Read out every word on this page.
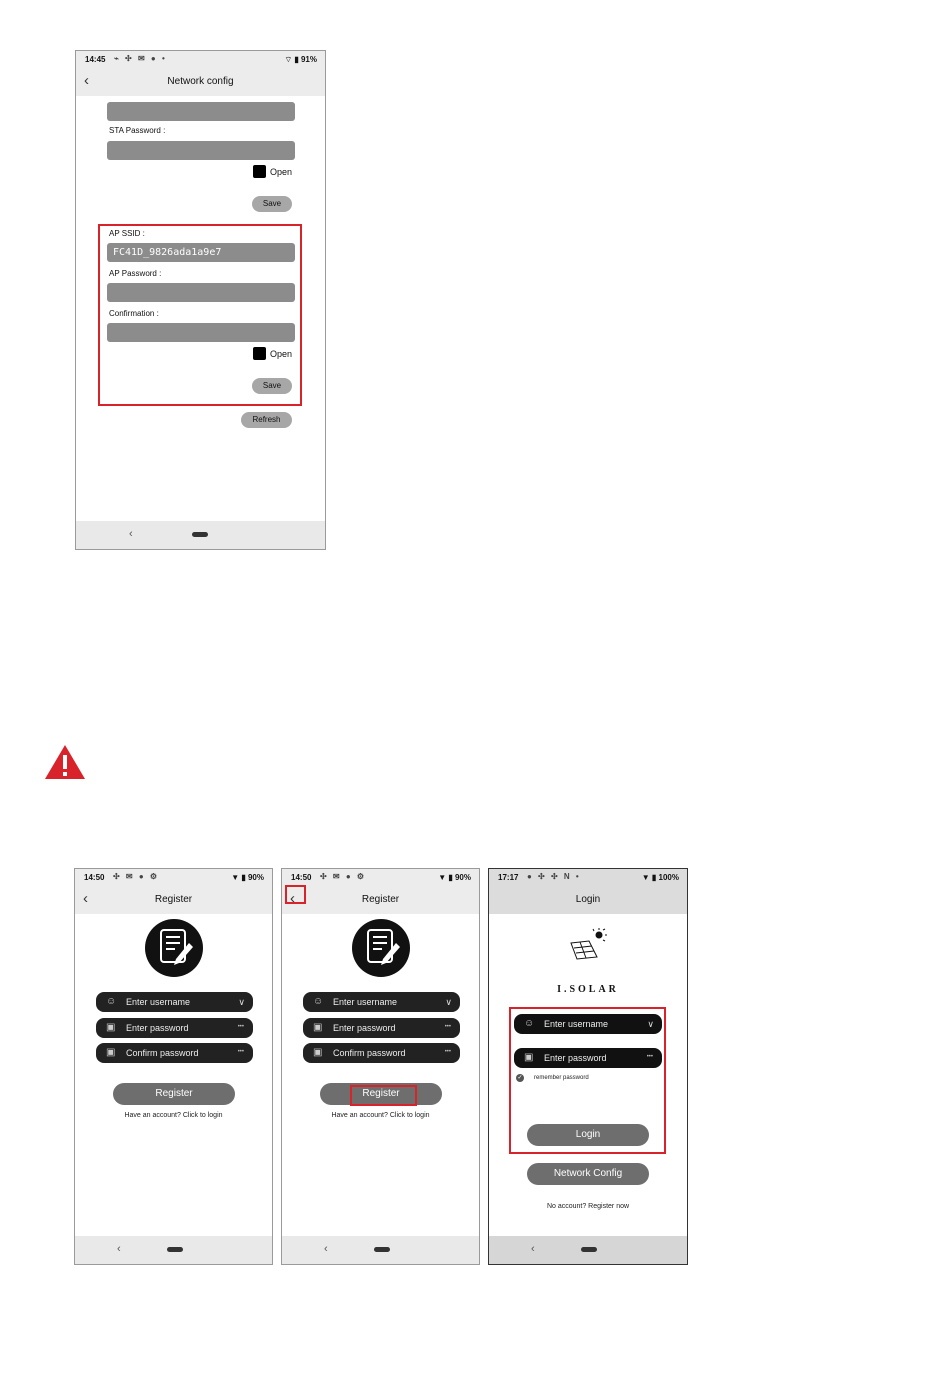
14:45 ⌁ ✣ ✉ ● •	⌔ ▮ 91%
‹	Network config
STA Password :
Open
Save
AP SSID :
FC41D_9826ada1a9e7
AP Password :
Confirmation :
Open
Save
Refresh
‹
14:50 ✣ ✉ ● ⚙	▼ ▮ 90%
‹	Register
☺ Enter username	∨
▣ Enter password	•••
▣ Confirm password	•••
Register
Have an account? Click to login
‹
14:50 ✣ ✉ ● ⚙	▼ ▮ 90%
‹	Register
☺ Enter username	∨
▣ Enter password	•••
▣ Confirm password	•••
Register
Have an account? Click to login
‹
17:17 ● ✣ ✣ N •	▼ ▮ 100%
Login
I.SOLAR
☺ Enter username	∨
▣ Enter password	•••
✓ remember password
Login
Network Config
No account? Register now
‹
